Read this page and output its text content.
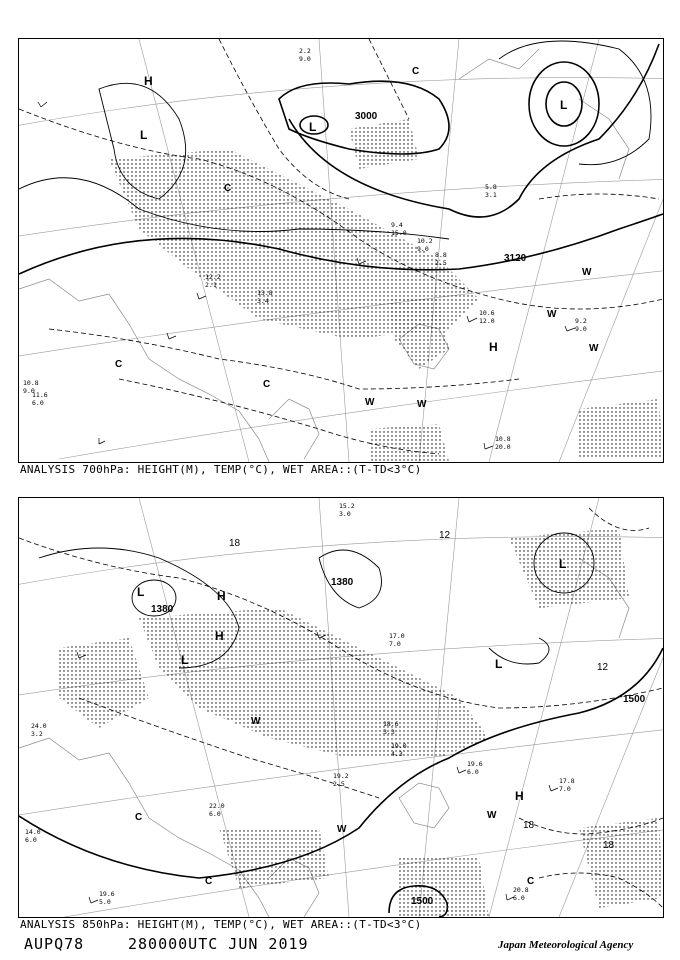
3000
3120
H
L
L
L
H
C
C
C
C
W
W
W
W	W
10.6
12.0	9.2
9.0
10.8
20.0
9.4
15.0
10.2
9.0
12.2
2.1
11.6
6.0
10.8
9.0
13.8
3.4
5.8
3.1
2.2
9.0
8.8
2.5
ANALYSIS 700hPa: HEIGHT(M), TEMP(°C), WET AREA::(T-TD<3°C)
1380
1500
1500
1380
12
18
18
18
12
L	H
H
L
L
L
H
C
C	C
W
W
W
19.6
6.0
17.8
7.0
19.0
4.3
18.6
3.3
20.8
6.0
19.2
2.5
22.0
6.0
17.0
7.0
24.0
3.2
19.6
5.0
15.2
3.0
14.0
6.0
ANALYSIS 850hPa: HEIGHT(M), TEMP(°C), WET AREA::(T-TD<3°C)
AUPQ78	280000UTC JUN 2019	Japan Meteorological Agency
